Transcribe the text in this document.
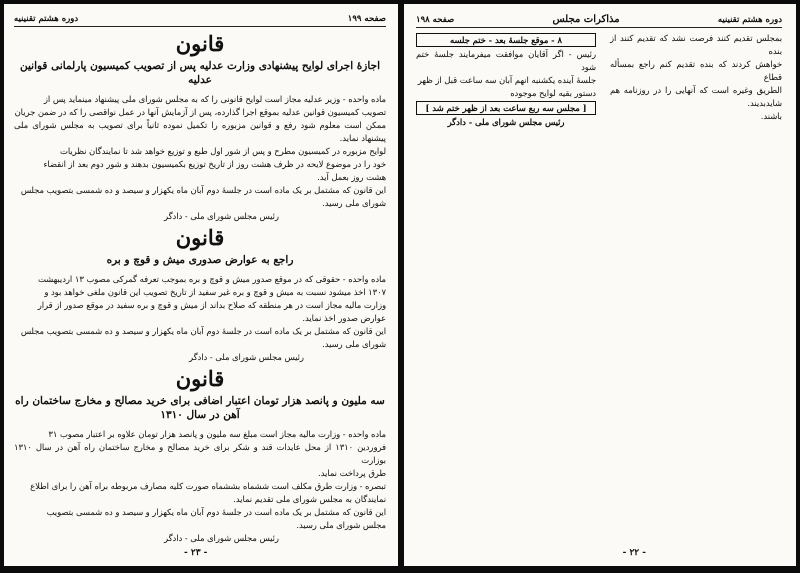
صفحه ۱۹۹
دوره هشتم تقنینیه
قانون
اجازهٔ اجرای لوایح پیشنهادی وزارت عدلیه پس از تصویب کمیسیون پارلمانی قوانین عدلیه

ماده واحده - وزیر عدلیه مجاز است لوایح قانونی را که به مجلس شورای ملی پیشنهاد مینماید پس از

تصویب کمیسیون قوانین عدلیه بموقع اجرا گذارده، پس از آزمایش آنها در عمل نواقصی را که در ضمن جریان

ممکن است معلوم شود رفع و قوانین مزبوره را تکمیل نموده ثانیاً برای تصویب به مجلس شورای ملی پیشنهاد نماید.

لوایح مزبوره در کمیسیون مطرح و پس از شور اول طبع و توزیع خواهد شد تا نمایندگان نظریات

خود را در موضوع لایحه در ظرف هشت روز از تاریخ توزیع بکمیسیون بدهند و شور دوم بعد از انقضاء

هشت روز بعمل آید.

این قانون که مشتمل بر یک ماده است در جلسهٔ دوم آبان ماه یکهزار و سیصد و ده شمسی بتصویب مجلس

شورای ملی رسید.

رئیس مجلس شورای ملی - دادگر

قانون
راجع به عوارض صدوری میش و قوچ و بره

ماده واحده - حقوقی که در موقع صدور میش و قوچ و بره بموجب تعرفه گمرکی مصوب ۱۳ اردیبهشت

۱۳۰۷ اخذ میشود نسبت به میش و قوچ و بره غیر سفید از تاریخ تصویب این قانون ملغی خواهد بود و

وزارت مالیه مجاز است در هر منطقه که صلاح بداند از میش و قوچ و بره سفید در موقع صدور از قرار

عوارض صدور اخذ نماید.

این قانون که مشتمل بر یک ماده است در جلسهٔ دوم آبان ماه یکهزار و سیصد و ده شمسی بتصویب مجلس

شورای ملی رسید.

رئیس مجلس شورای ملی - دادگر

قانون
سه ملیون و پانصد هزار تومان اعتبار اضافی برای خرید مصالح و مخارج ساختمان راه آهن در سال ۱۳۱۰

ماده واحده - وزارت مالیه مجاز است مبلغ سه ملیون و پانصد هزار تومان علاوه بر اعتبار مصوب ۳۱

فروردین ۱۳۱۰ از محل عایدات قند و شکر برای خرید مصالح و مخارج ساختمان راه آهن در سال ۱۳۱۰ بوزارت

طرق پرداخت نماید.

تبصره - وزارت طرق مکلف است ششماه بششماه صورت کلیه مصارف مربوطه براه آهن را برای اطلاع

نمایندگان به مجلس شورای ملی تقدیم نماید.

این قانون که مشتمل بر یک ماده است در جلسهٔ دوم آبان ماه یکهزار و سیصد و ده شمسی بتصویب

مجلس شورای ملی رسید.

رئیس مجلس شورای ملی - دادگر

- ۲۳ -
دوره هشتم تقنینیه
مذاکرات مجلس
صفحه ۱۹۸

بمجلس تقدیم کنند فرصت نشد که تقدیم کنند از بنده

خواهش کردند که بنده تقدیم کنم راجع بمسأله قطاع

الطریق وغیره است که آنهایی را در روزنامه هم شایدبدیند.

باشند.

۸ - موقع جلسهٔ بعد - ختم جلسه

رئیس - اگر آقایان موافقت میفرمایند جلسهٔ ختم شود

جلسهٔ آینده یکشنبه انهم آبان سه ساعت قبل از ظهر

دستور بقیه لوایح موجوده

[ مجلس سه ربع ساعت بعد از ظهر ختم شد ]

رئیس مجلس شورای ملی - دادگر

- ۲۲ -
